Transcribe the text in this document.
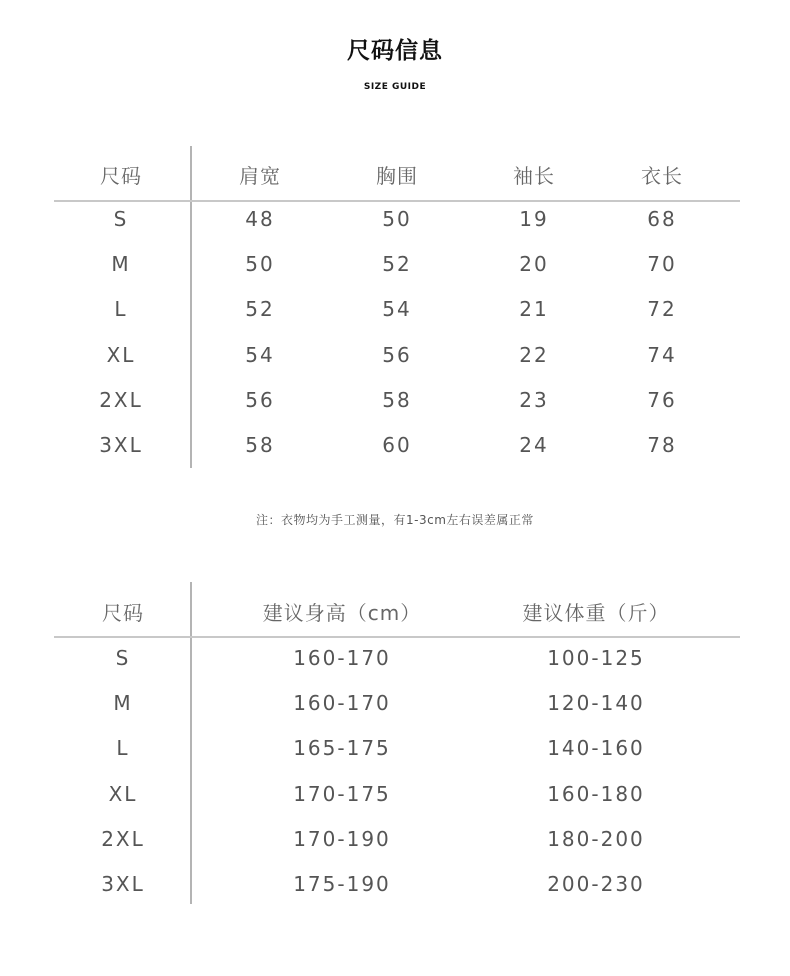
尺码信息
SIZE GUIDE
尺码	肩宽	胸围	袖长	衣长
S	48	50	19	68
M	50	52	20	70
L	52	54	21	72
XL	54	56	22	74
2XL	56	58	23	76
3XL	58	60	24	78
注：衣物均为手工测量，有1-3cm左右误差属正常
尺码	建议身高（cm）	建议体重（斤）
S	160-170	100-125
M	160-170	120-140
L	165-175	140-160
XL	170-175	160-180
2XL	170-190	180-200
3XL	175-190	200-230
